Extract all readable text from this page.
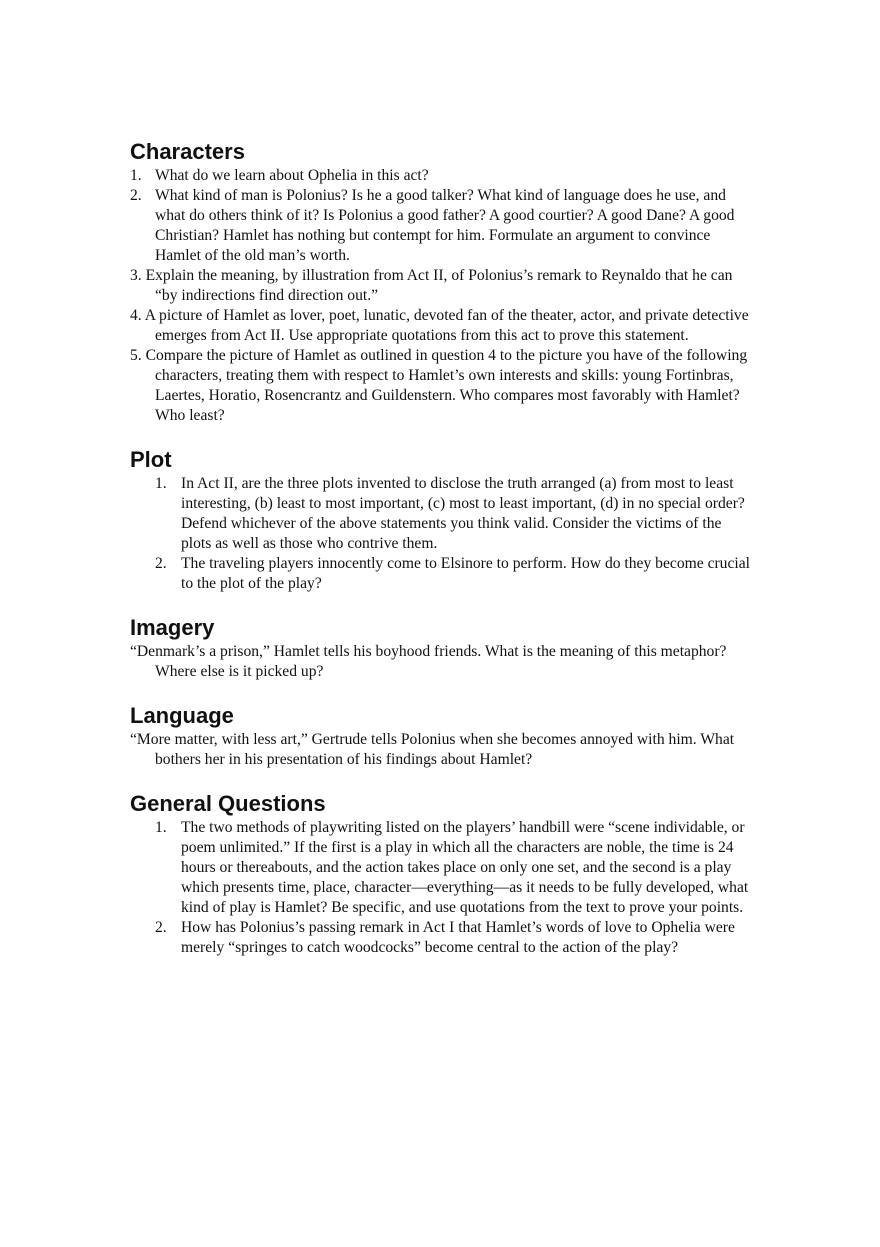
Characters
1. What do we learn about Ophelia in this act?
2. What kind of man is Polonius? Is he a good talker? What kind of language does he use, and what do others think of it? Is Polonius a good father? A good courtier? A good Dane? A good Christian? Hamlet has nothing but contempt for him. Formulate an argument to convince Hamlet of the old man’s worth.
3. Explain the meaning, by illustration from Act II, of Polonius’s remark to Reynaldo that he can “by indirections find direction out.”
4. A picture of Hamlet as lover, poet, lunatic, devoted fan of the theater, actor, and private detective emerges from Act II. Use appropriate quotations from this act to prove this statement.
5. Compare the picture of Hamlet as outlined in question 4 to the picture you have of the following characters, treating them with respect to Hamlet’s own interests and skills: young Fortinbras, Laertes, Horatio, Rosencrantz and Guildenstern. Who compares most favorably with Hamlet? Who least?
Plot
1. In Act II, are the three plots invented to disclose the truth arranged (a) from most to least interesting, (b) least to most important, (c) most to least important, (d) in no special order? Defend whichever of the above statements you think valid. Consider the victims of the plots as well as those who contrive them.
2. The traveling players innocently come to Elsinore to perform. How do they become crucial to the plot of the play?
Imagery

“Denmark’s a prison,” Hamlet tells his boyhood friends. What is the meaning of this metaphor? Where else is it picked up?

Language

“More matter, with less art,” Gertrude tells Polonius when she becomes annoyed with him. What bothers her in his presentation of his findings about Hamlet?

General Questions
1. The two methods of playwriting listed on the players’ handbill were “scene individable, or poem unlimited.” If the first is a play in which all the characters are noble, the time is 24 hours or thereabouts, and the action takes place on only one set, and the second is a play which presents time, place, character—everything—as it needs to be fully developed, what kind of play is Hamlet? Be specific, and use quotations from the text to prove your points.
2. How has Polonius’s passing remark in Act I that Hamlet’s words of love to Ophelia were merely “springes to catch woodcocks” become central to the action of the play?
